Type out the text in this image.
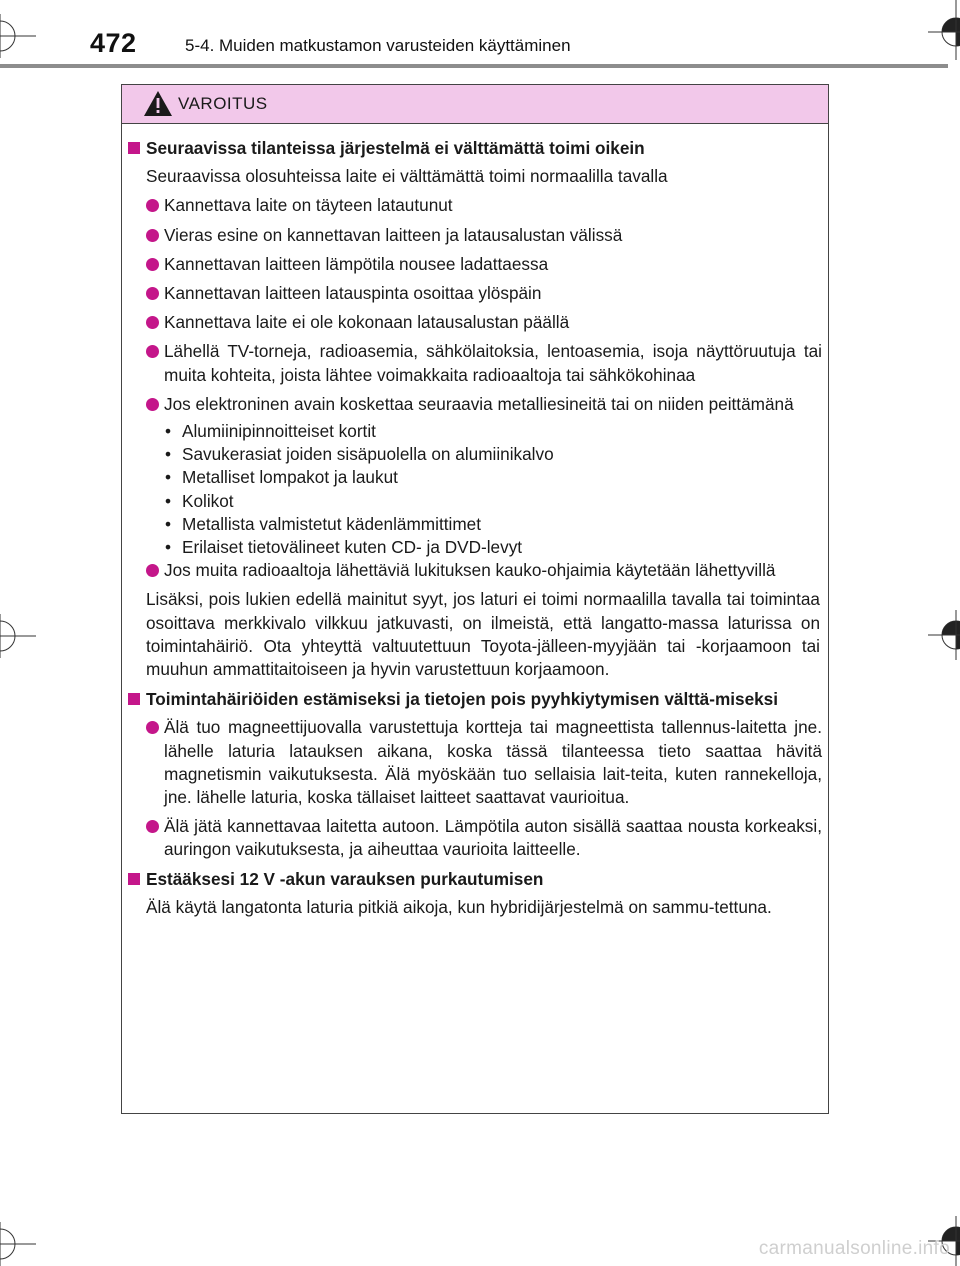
472	5-4. Muiden matkustamon varusteiden käyttäminen
VAROITUS
Seuraavissa tilanteissa järjestelmä ei välttämättä toimi oikein
Seuraavissa olosuhteissa laite ei välttämättä toimi normaalilla tavalla
Kannettava laite on täyteen latautunut
Vieras esine on kannettavan laitteen ja latausalustan välissä
Kannettavan laitteen lämpötila nousee ladattaessa
Kannettavan laitteen latauspinta osoittaa ylöspäin
Kannettava laite ei ole kokonaan latausalustan päällä
Lähellä TV-torneja, radioasemia, sähkölaitoksia, lentoasemia, isoja näyttöruutuja tai muita kohteita, joista lähtee voimakkaita radioaaltoja tai sähkökohinaa
Jos elektroninen avain koskettaa seuraavia metalliesineitä tai on niiden peittämänä
• Alumiinipinnoitteiset kortit
• Savukerasiat joiden sisäpuolella on alumiinikalvo
• Metalliset lompakot ja laukut
• Kolikot
• Metallista valmistetut kädenlämmittimet
• Erilaiset tietovälineet kuten CD- ja DVD-levyt
Jos muita radioaaltoja lähettäviä lukituksen kauko-ohjaimia käytetään lähettyvillä
Lisäksi, pois lukien edellä mainitut syyt, jos laturi ei toimi normaalilla tavalla tai toimintaa osoittava merkkivalo vilkkuu jatkuvasti, on ilmeistä, että langatto-massa laturissa on toimintahäiriö. Ota yhteyttä valtuutettuun Toyota-jälleen-myyjään tai -korjaamoon tai muuhun ammattitaitoiseen ja hyvin varustettuun korjaamoon.
Toimintahäiriöiden estämiseksi ja tietojen pois pyyhkiytymisen välttä-miseksi
Älä tuo magneettijuovalla varustettuja kortteja tai magneettista tallennus-laitetta jne. lähelle laturia latauksen aikana, koska tässä tilanteessa tieto saattaa hävitä magnetismin vaikutuksesta. Älä myöskään tuo sellaisia lait-teita, kuten rannekelloja, jne. lähelle laturia, koska tällaiset laitteet saattavat vaurioitua.
Älä jätä kannettavaa laitetta autoon. Lämpötila auton sisällä saattaa nousta korkeaksi, auringon vaikutuksesta, ja aiheuttaa vaurioita laitteelle.
Estääksesi 12 V -akun varauksen purkautumisen
Älä käytä langatonta laturia pitkiä aikoja, kun hybridijärjestelmä on sammu-tettuna.
carmanualsonline.info
